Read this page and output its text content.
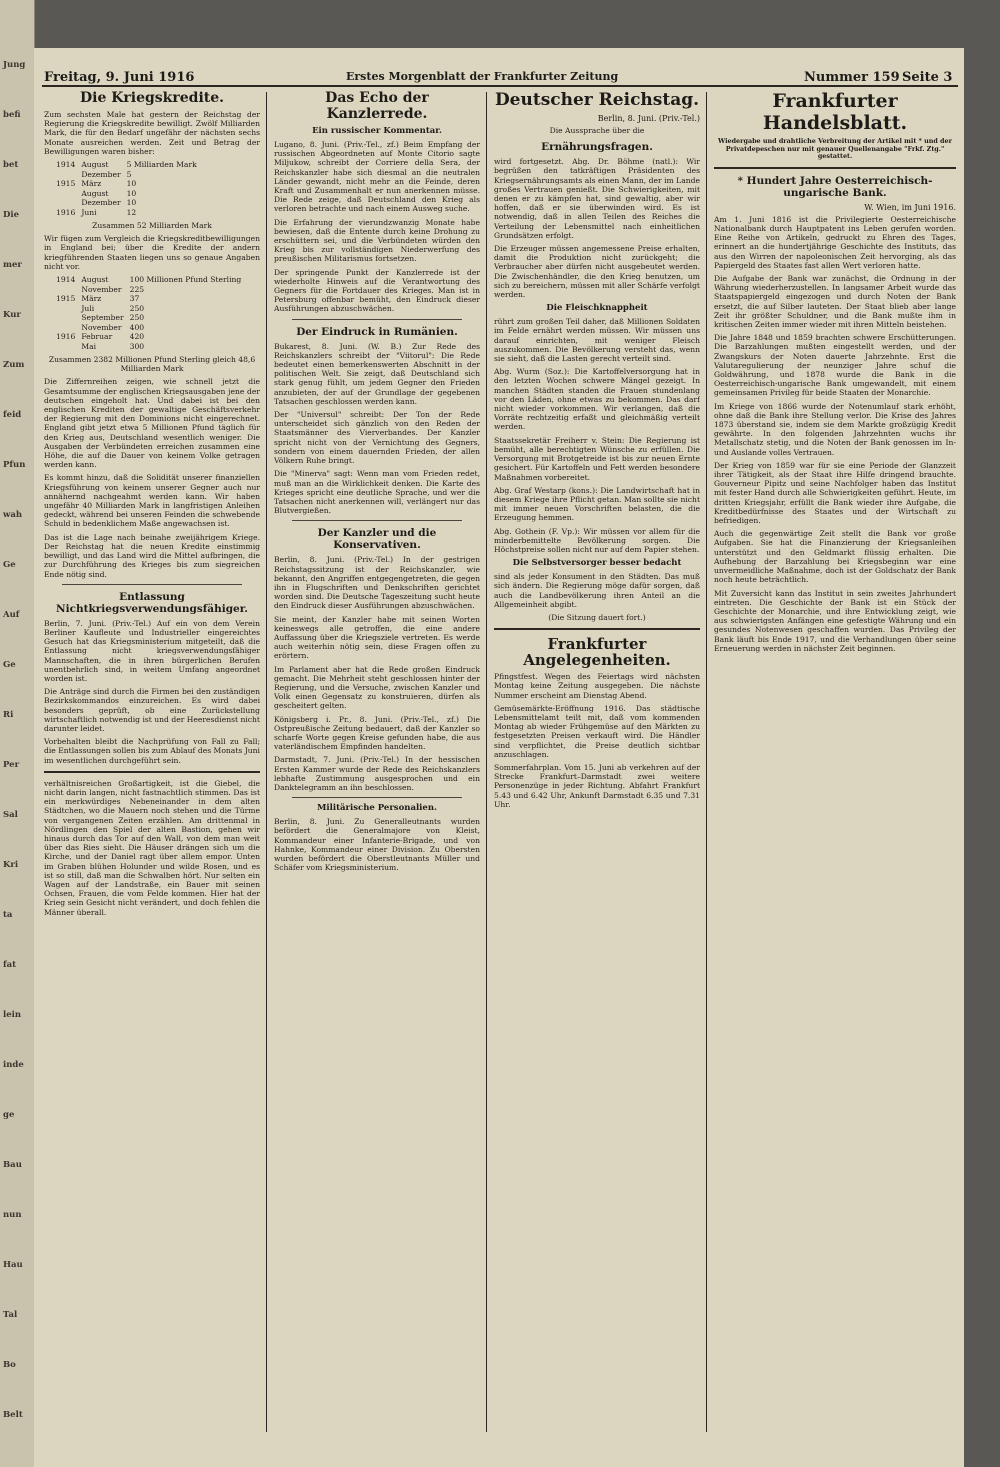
Jung
befi
bet
Die
mer
Kur
Zum
feid
Pfun
wah
Ge
Auf
Ge
Ri
Per
Sal
Kri
ta
fat
lein
inde
ge
Bau
nun
Hau
Tal
Bo
Belt
Freitag, 9. Juni 1916	Erstes Morgenblatt der Frankfurter Zeitung	Nummer 159 Seite 3
Die Kriegskredite.

Zum sechsten Male hat gestern der Reichstag der Regierung die Kriegskredite bewilligt. Zwölf Milliarden Mark, die für den Bedarf ungefähr der nächsten sechs Monate ausreichen werden. Zeit und Betrag der Bewilligungen waren bisher:

1914	August	5 Milliarden Mark
	Dezember	5
1915	März	10
	August	10
	Dezember	10
1916	Juni	12

Zusammen 52 Milliarden Mark

Wir fügen zum Vergleich die Kriegskreditbewilligungen in England bei; über die Kredite der andern kriegführenden Staaten liegen uns so genaue Angaben nicht vor.

1914	August	100 Millionen Pfund Sterling
	November	225
1915	März	37
	Juli	250
	September	250
	November	400
1916	Februar	420
	Mai	300

Zusammen 2382 Millionen Pfund Sterling gleich 48,6 Milliarden Mark

Die Ziffernreihen zeigen, wie schnell jetzt die Gesamtsumme der englischen Kriegsausgaben jene der deutschen eingeholt hat. Und dabei ist bei den englischen Krediten der gewaltige Geschäftsverkehr der Regierung mit den Dominions nicht eingerechnet. England gibt jetzt etwa 5 Millionen Pfund täglich für den Krieg aus, Deutschland wesentlich weniger. Die Ausgaben der Verbündeten erreichen zusammen eine Höhe, die auf die Dauer von keinem Volke getragen werden kann.

Es kommt hinzu, daß die Solidität unserer finanziellen Kriegsführung von keinem unserer Gegner auch nur annähernd nachgeahmt werden kann. Wir haben ungefähr 40 Milliarden Mark in langfristigen Anleihen gedeckt, während bei unseren Feinden die schwebende Schuld in bedenklichem Maße angewachsen ist.

Das ist die Lage nach beinahe zweijährigem Kriege. Der Reichstag hat die neuen Kredite einstimmig bewilligt, und das Land wird die Mittel aufbringen, die zur Durchführung des Krieges bis zum siegreichen Ende nötig sind.

Entlassung Nichtkriegsverwendungsfähiger.

Berlin, 7. Juni. (Priv.-Tel.) Auf ein von dem Verein Berliner Kaufleute und Industrieller eingereichtes Gesuch hat das Kriegsministerium mitgeteilt, daß die Entlassung nicht kriegsverwendungsfähiger Mannschaften, die in ihren bürgerlichen Berufen unentbehrlich sind, in weitem Umfang angeordnet worden ist.

Die Anträge sind durch die Firmen bei den zuständigen Bezirkskommandos einzureichen. Es wird dabei besonders geprüft, ob eine Zurückstellung wirtschaftlich notwendig ist und der Heeresdienst nicht darunter leidet.

Vorbehalten bleibt die Nachprüfung von Fall zu Fall; die Entlassungen sollen bis zum Ablauf des Monats Juni im wesentlichen durchgeführt sein.

verhältnisreichen Großartigkeit, ist die Giebel, die nicht darin langen, nicht fastnachtlich stimmen. Das ist ein merkwürdiges Nebeneinander in dem alten Städtchen, wo die Mauern noch stehen und die Türme von vergangenen Zeiten erzählen. Am drittenmal in Nördlingen den Spiel der alten Bastion, gehen wir hinaus durch das Tor auf den Wall, von dem man weit über das Ries sieht. Die Häuser drängen sich um die Kirche, und der Daniel ragt über allem empor. Unten im Graben blühen Holunder und wilde Rosen, und es ist so still, daß man die Schwalben hört. Nur selten ein Wagen auf der Landstraße, ein Bauer mit seinen Ochsen, Frauen, die vom Felde kommen. Hier hat der Krieg sein Gesicht nicht verändert, und doch fehlen die Männer überall.

Das Echo der Kanzlerrede.
Ein russischer Kommentar.

Lugano, 8. Juni. (Priv.-Tel., zf.) Beim Empfang der russischen Abgeordneten auf Monte Citorio sagte Miljukow, schreibt der Corriere della Sera, der Reichskanzler habe sich diesmal an die neutralen Länder gewandt, nicht mehr an die Feinde, deren Kraft und Zusammenhalt er nun anerkennen müsse. Die Rede zeige, daß Deutschland den Krieg als verloren betrachte und nach einem Ausweg suche.

Die Erfahrung der vierundzwanzig Monate habe bewiesen, daß die Entente durch keine Drohung zu erschüttern sei, und die Verbündeten würden den Krieg bis zur vollständigen Niederwerfung des preußischen Militarismus fortsetzen.

Der springende Punkt der Kanzlerrede ist der wiederholte Hinweis auf die Verantwortung des Gegners für die Fortdauer des Krieges. Man ist in Petersburg offenbar bemüht, den Eindruck dieser Ausführungen abzuschwächen.

Der Eindruck in Rumänien.

Bukarest, 8. Juni. (W. B.) Zur Rede des Reichskanzlers schreibt der "Viitorul": Die Rede bedeutet einen bemerkenswerten Abschnitt in der politischen Welt. Sie zeigt, daß Deutschland sich stark genug fühlt, um jedem Gegner den Frieden anzubieten, der auf der Grundlage der gegebenen Tatsachen geschlossen werden kann.

Der "Universul" schreibt: Der Ton der Rede unterscheidet sich gänzlich von den Reden der Staatsmänner des Vierverbandes. Der Kanzler spricht nicht von der Vernichtung des Gegners, sondern von einem dauernden Frieden, der allen Völkern Ruhe bringt.

Die "Minerva" sagt: Wenn man vom Frieden redet, muß man an die Wirklichkeit denken. Die Karte des Krieges spricht eine deutliche Sprache, und wer die Tatsachen nicht anerkennen will, verlängert nur das Blutvergießen.

Der Kanzler und die Konservativen.

Berlin, 8. Juni. (Priv.-Tel.) In der gestrigen Reichstagssitzung ist der Reichskanzler, wie bekannt, den Angriffen entgegengetreten, die gegen ihn in Flugschriften und Denkschriften gerichtet worden sind. Die Deutsche Tageszeitung sucht heute den Eindruck dieser Ausführungen abzuschwächen.

Sie meint, der Kanzler habe mit seinen Worten keineswegs alle getroffen, die eine andere Auffassung über die Kriegsziele vertreten. Es werde auch weiterhin nötig sein, diese Fragen offen zu erörtern.

Im Parlament aber hat die Rede großen Eindruck gemacht. Die Mehrheit steht geschlossen hinter der Regierung, und die Versuche, zwischen Kanzler und Volk einen Gegensatz zu konstruieren, dürfen als gescheitert gelten.

Königsberg i. Pr., 8. Juni. (Priv.-Tel., zf.) Die Ostpreußische Zeitung bedauert, daß der Kanzler so scharfe Worte gegen Kreise gefunden habe, die aus vaterländischem Empfinden handelten.

Darmstadt, 7. Juni. (Priv.-Tel.) In der hessischen Ersten Kammer wurde der Rede des Reichskanzlers lebhafte Zustimmung ausgesprochen und ein Danktelegramm an ihn beschlossen.

Militärische Personalien.

Berlin, 8. Juni. Zu Generalleutnants wurden befördert die Generalmajore von Kleist, Kommandeur einer Infanterie-Brigade, und von Hahnke, Kommandeur einer Division. Zu Obersten wurden befördert die Oberstleutnants Müller und Schäfer vom Kriegsministerium.

Deutscher Reichstag.
Berlin, 8. Juni. (Priv.-Tel.)

Die Aussprache über die

Ernährungsfragen.

wird fortgesetzt. Abg. Dr. Böhme (natl.): Wir begrüßen den tatkräftigen Präsidenten des Kriegsernährungsamts als einen Mann, der im Lande großes Vertrauen genießt. Die Schwierigkeiten, mit denen er zu kämpfen hat, sind gewaltig, aber wir hoffen, daß er sie überwinden wird. Es ist notwendig, daß in allen Teilen des Reiches die Verteilung der Lebensmittel nach einheitlichen Grundsätzen erfolgt.

Die Erzeuger müssen angemessene Preise erhalten, damit die Produktion nicht zurückgeht; die Verbraucher aber dürfen nicht ausgebeutet werden. Die Zwischenhändler, die den Krieg benutzen, um sich zu bereichern, müssen mit aller Schärfe verfolgt werden.

Die Fleischknappheit

rührt zum großen Teil daher, daß Millionen Soldaten im Felde ernährt werden müssen. Wir müssen uns darauf einrichten, mit weniger Fleisch auszukommen. Die Bevölkerung versteht das, wenn sie sieht, daß die Lasten gerecht verteilt sind.

Abg. Wurm (Soz.): Die Kartoffelversorgung hat in den letzten Wochen schwere Mängel gezeigt. In manchen Städten standen die Frauen stundenlang vor den Läden, ohne etwas zu bekommen. Das darf nicht wieder vorkommen. Wir verlangen, daß die Vorräte rechtzeitig erfaßt und gleichmäßig verteilt werden.

Staatssekretär Freiherr v. Stein: Die Regierung ist bemüht, alle berechtigten Wünsche zu erfüllen. Die Versorgung mit Brotgetreide ist bis zur neuen Ernte gesichert. Für Kartoffeln und Fett werden besondere Maßnahmen vorbereitet.

Abg. Graf Westarp (kons.): Die Landwirtschaft hat in diesem Kriege ihre Pflicht getan. Man sollte sie nicht mit immer neuen Vorschriften belasten, die die Erzeugung hemmen.

Abg. Gothein (F. Vp.): Wir müssen vor allem für die minderbemittelte Bevölkerung sorgen. Die Höchstpreise sollen nicht nur auf dem Papier stehen.

Die Selbstversorger besser bedacht

sind als jeder Konsument in den Städten. Das muß sich ändern. Die Regierung möge dafür sorgen, daß auch die Landbevölkerung ihren Anteil an die Allgemeinheit abgibt.

(Die Sitzung dauert fort.)

Frankfurter Angelegenheiten.

Pfingstfest. Wegen des Feiertags wird nächsten Montag keine Zeitung ausgegeben. Die nächste Nummer erscheint am Dienstag Abend.

Gemüsemärkte-Eröffnung 1916. Das städtische Lebensmittelamt teilt mit, daß vom kommenden Montag ab wieder Frühgemüse auf den Märkten zu festgesetzten Preisen verkauft wird. Die Händler sind verpflichtet, die Preise deutlich sichtbar anzuschlagen.

Sommerfahrplan. Vom 15. Juni ab verkehren auf der Strecke Frankfurt–Darmstadt zwei weitere Personenzüge in jeder Richtung. Abfahrt Frankfurt 5.43 und 6.42 Uhr, Ankunft Darmstadt 6.35 und 7.31 Uhr.

Frankfurter Handelsblatt.

Wiedergabe und drahtliche Verbreitung der Artikel mit * und der Privatdepeschen nur mit genauer Quellenangabe "Frkf. Ztg." gestattet.

* Hundert Jahre Oesterreichisch-ungarische Bank.
W. Wien, im Juni 1916.

Am 1. Juni 1816 ist die Privilegierte Oesterreichische Nationalbank durch Hauptpatent ins Leben gerufen worden. Eine Reihe von Artikeln, gedruckt zu Ehren des Tages, erinnert an die hundertjährige Geschichte des Instituts, das aus den Wirren der napoleonischen Zeit hervorging, als das Papiergeld des Staates fast allen Wert verloren hatte.

Die Aufgabe der Bank war zunächst, die Ordnung in der Währung wiederherzustellen. In langsamer Arbeit wurde das Staatspapiergeld eingezogen und durch Noten der Bank ersetzt, die auf Silber lauteten. Der Staat blieb aber lange Zeit ihr größter Schuldner, und die Bank mußte ihm in kritischen Zeiten immer wieder mit ihren Mitteln beistehen.

Die Jahre 1848 und 1859 brachten schwere Erschütterungen. Die Barzahlungen mußten eingestellt werden, und der Zwangskurs der Noten dauerte Jahrzehnte. Erst die Valutaregulierung der neunziger Jahre schuf die Goldwährung, und 1878 wurde die Bank in die Oesterreichisch-ungarische Bank umgewandelt, mit einem gemeinsamen Privileg für beide Staaten der Monarchie.

Im Kriege von 1866 wurde der Notenumlauf stark erhöht, ohne daß die Bank ihre Stellung verlor. Die Krise des Jahres 1873 überstand sie, indem sie dem Markte großzügig Kredit gewährte. In den folgenden Jahrzehnten wuchs ihr Metallschatz stetig, und die Noten der Bank genossen im In- und Auslande volles Vertrauen.

Der Krieg von 1859 war für sie eine Periode der Glanzzeit ihrer Tätigkeit, als der Staat ihre Hilfe dringend brauchte. Gouverneur Pipitz und seine Nachfolger haben das Institut mit fester Hand durch alle Schwierigkeiten geführt. Heute, im dritten Kriegsjahr, erfüllt die Bank wieder ihre Aufgabe, die Kreditbedürfnisse des Staates und der Wirtschaft zu befriedigen.

Auch die gegenwärtige Zeit stellt die Bank vor große Aufgaben. Sie hat die Finanzierung der Kriegsanleihen unterstützt und den Geldmarkt flüssig erhalten. Die Aufhebung der Barzahlung bei Kriegsbeginn war eine unvermeidliche Maßnahme, doch ist der Goldschatz der Bank noch heute beträchtlich.

Mit Zuversicht kann das Institut in sein zweites Jahrhundert eintreten. Die Geschichte der Bank ist ein Stück der Geschichte der Monarchie, und ihre Entwicklung zeigt, wie aus schwierigsten Anfängen eine gefestigte Währung und ein gesundes Notenwesen geschaffen wurden. Das Privileg der Bank läuft bis Ende 1917, und die Verhandlungen über seine Erneuerung werden in nächster Zeit beginnen.
